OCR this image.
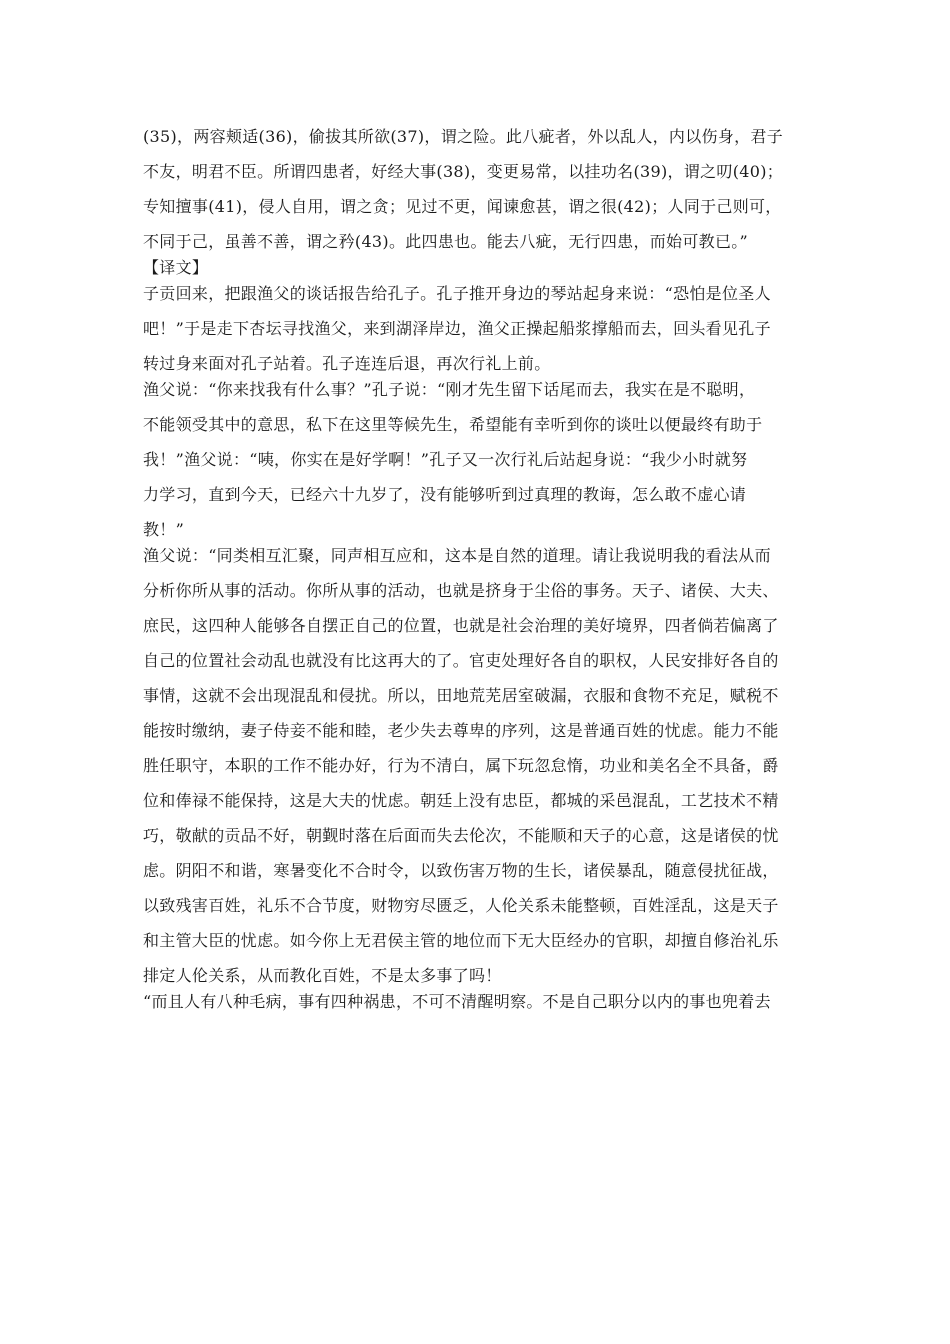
(35)，两容颊适(36)，偷拔其所欲(37)，谓之险。此八疵者，外以乱人，内以伤身，君子
不友，明君不臣。所谓四患者，好经大事(38)，变更易常，以挂功名(39)，谓之叨(40)；
专知擅事(41)，侵人自用，谓之贪；见过不更，闻谏愈甚，谓之很(42)；人同于己则可，
不同于己，虽善不善，谓之矜(43)。此四患也。能去八疵，无行四患，而始可教已。”
【译文】
子贡回来，把跟渔父的谈话报告给孔子。孔子推开身边的琴站起身来说：“恐怕是位圣人
吧！”于是走下杏坛寻找渔父，来到湖泽岸边，渔父正操起船浆撑船而去，回头看见孔子
转过身来面对孔子站着。孔子连连后退，再次行礼上前。
渔父说：“你来找我有什么事？”孔子说：“刚才先生留下话尾而去，我实在是不聪明，
不能领受其中的意思，私下在这里等候先生，希望能有幸听到你的谈吐以便最终有助于
我！”渔父说：“咦，你实在是好学啊！”孔子又一次行礼后站起身说：“我少小时就努
力学习，直到今天，已经六十九岁了，没有能够听到过真理的教诲，怎么敢不虚心请
教！”
渔父说：“同类相互汇聚，同声相互应和，这本是自然的道理。请让我说明我的看法从而
分析你所从事的活动。你所从事的活动，也就是挤身于尘俗的事务。天子、诸侯、大夫、
庶民，这四种人能够各自摆正自己的位置，也就是社会治理的美好境界，四者倘若偏离了
自己的位置社会动乱也就没有比这再大的了。官吏处理好各自的职权，人民安排好各自的
事情，这就不会出现混乱和侵扰。所以，田地荒芜居室破漏，衣服和食物不充足，赋税不
能按时缴纳，妻子侍妾不能和睦，老少失去尊卑的序列，这是普通百姓的忧虑。能力不能
胜任职守，本职的工作不能办好，行为不清白，属下玩忽怠惰，功业和美名全不具备，爵
位和俸禄不能保持，这是大夫的忧虑。朝廷上没有忠臣，都城的采邑混乱，工艺技术不精
巧，敬献的贡品不好，朝觐时落在后面而失去伦次，不能顺和天子的心意，这是诸侯的忧
虑。阴阳不和谐，寒暑变化不合时令，以致伤害万物的生长，诸侯暴乱，随意侵扰征战，
以致残害百姓，礼乐不合节度，财物穷尽匮乏，人伦关系未能整顿，百姓淫乱，这是天子
和主管大臣的忧虑。如今你上无君侯主管的地位而下无大臣经办的官职，却擅自修治礼乐
排定人伦关系，从而教化百姓，不是太多事了吗！
“而且人有八种毛病，事有四种祸患，不可不清醒明察。不是自己职分以内的事也兜着去
